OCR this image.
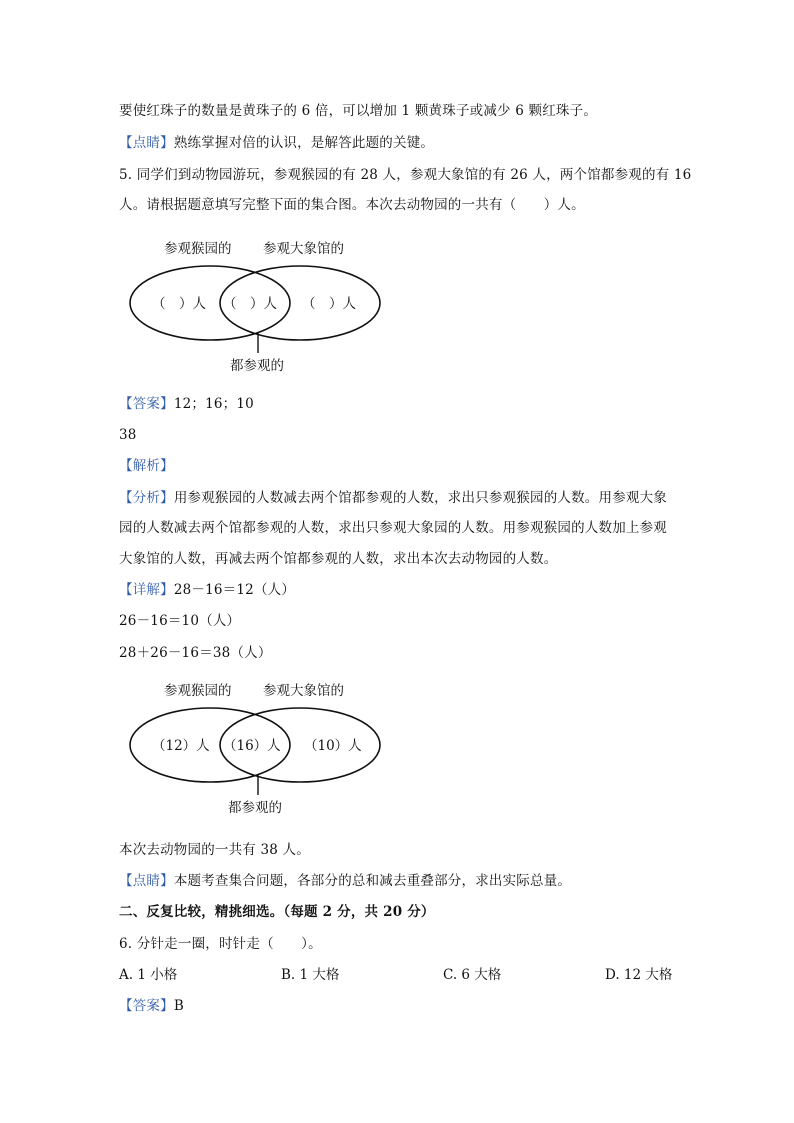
要使红珠子的数量是黄珠子的 6 倍，可以增加 1 颗黄珠子或减少 6 颗红珠子。
【点睛】熟练掌握对倍的认识，是解答此题的关键。
5. 同学们到动物园游玩，参观猴园的有 28 人，参观大象馆的有 26 人，两个馆都参观的有 16
人。请根据题意填写完整下面的集合图。本次去动物园的一共有（　　）人。
参观猴园的 参观大象馆的
（　）人 （　）人 （　）人
都参观的
【答案】12；16；10
38
【解析】
【分析】用参观猴园的人数减去两个馆都参观的人数，求出只参观猴园的人数。用参观大象
园的人数减去两个馆都参观的人数，求出只参观大象园的人数。用参观猴园的人数加上参观
大象馆的人数，再减去两个馆都参观的人数，求出本次去动物园的人数。
【详解】28－16＝12（人）
26－16＝10（人）
28＋26－16＝38（人）
参观猴园的 参观大象馆的
（12）人 （16）人 （10）人
都参观的
本次去动物园的一共有 38 人。
【点睛】本题考查集合问题，各部分的总和减去重叠部分，求出实际总量。
二、反复比较，精挑细选。（每题 2 分，共 20 分）
6. 分针走一圈，时针走（　　）。
A. 1 小格	B. 1 大格	C. 6 大格	D. 12 大格
【答案】B
